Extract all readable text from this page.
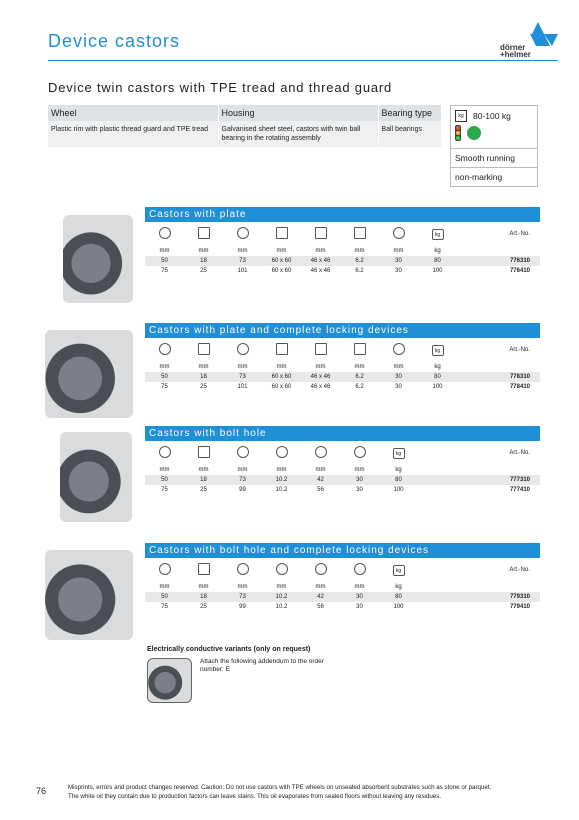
Device castors	dörner
+helmer
Device twin castors with TPE tread and thread guard
Wheel	Housing	Bearing type
Plastic rim with plastic thread guard and TPE tread	Galvanised sheet steel, castors with twin ball bearing in the rotating assembly	Ball bearings
kg	80-100 kg
Smooth running
non-marking
Castors with plate
kg	Art.-No.
mm	mm	mm	mm	mm	mm	mm	kg
50	18	73	60 x 60	46 x 46	6.2	30	80	776310
75	25	101	60 x 60	46 x 46	6.2	30	100	776410
Castors with plate and complete locking devices
kg	Art.-No.
mm	mm	mm	mm	mm	mm	mm	kg
50	18	73	60 x 60	46 x 46	6.2	30	80	778310
75	25	101	60 x 60	46 x 46	6.2	30	100	778410
Castors with bolt hole
kg	Art.-No.
mm	mm	mm	mm	mm	mm	kg
50	18	73	10.2	42	30	80	777310
75	25	99	10.2	56	30	100	777410
Castors with bolt hole and complete locking devices
kg	Art.-No.
mm	mm	mm	mm	mm	mm	kg
50	18	73	10.2	42	30	80	779310
75	25	99	10.2	56	30	100	779410
Electrically conductive variants (only on request)
Attach the following addendum to the order number: E
76	Misprints, errors and product changes reserved. Caution: Do not use castors with TPE wheels on unsealed absorbent substrates such as stone or parquet.
The white oil they contain due to production factors can leave stains. This oil evaporates from sealed floors without leaving any residues.
